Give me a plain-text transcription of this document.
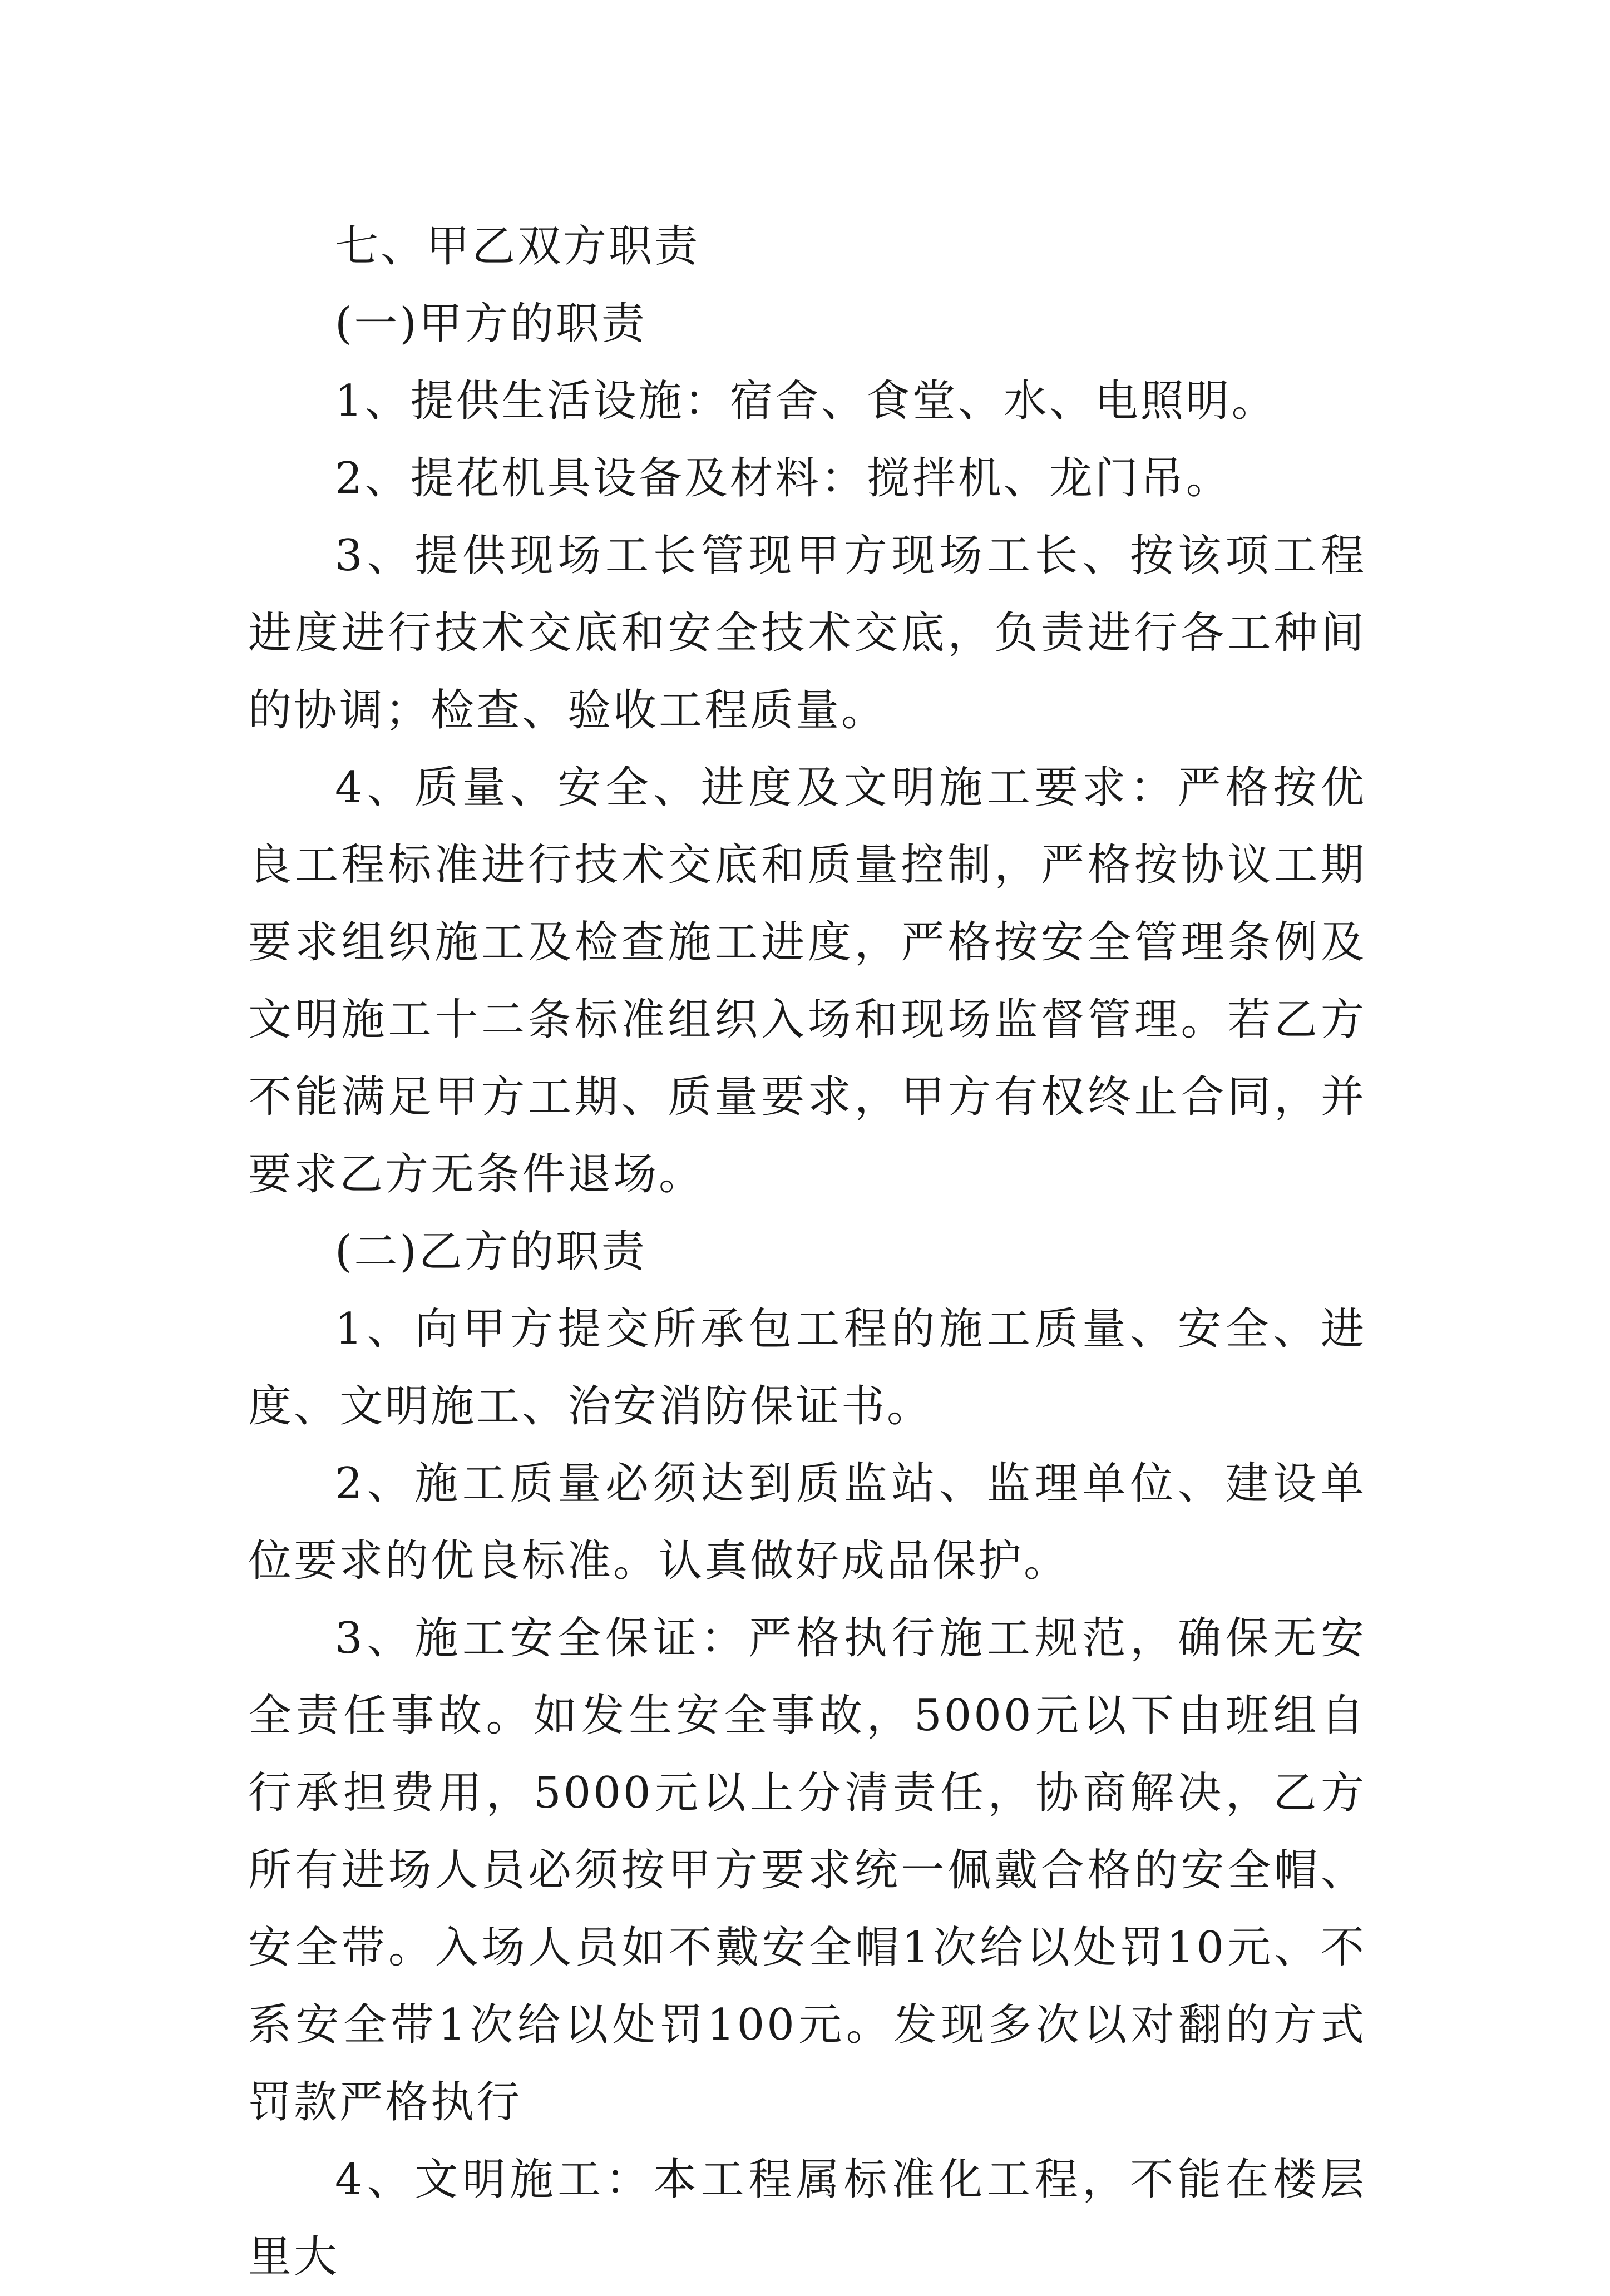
七、甲乙双方职责

(一)甲方的职责

1、提供生活设施：宿舍、食堂、水、电照明。

2、提花机具设备及材料：搅拌机、龙门吊。

3、提供现场工长管现甲方现场工长、按该项工程进度进行技术交底和安全技术交底，负责进行各工种间的协调；检查、验收工程质量。

4、质量、安全、进度及文明施工要求：严格按优良工程标准进行技术交底和质量控制，严格按协议工期要求组织施工及检查施工进度，严格按安全管理条例及文明施工十二条标准组织入场和现场监督管理。若乙方不能满足甲方工期、质量要求，甲方有权终止合同，并要求乙方无条件退场。

(二)乙方的职责

1、向甲方提交所承包工程的施工质量、安全、进度、文明施工、治安消防保证书。

2、施工质量必须达到质监站、监理单位、建设单位要求的优良标准。认真做好成品保护。

3、施工安全保证：严格执行施工规范，确保无安全责任事故。如发生安全事故，5000元以下由班组自行承担费用，5000元以上分清责任，协商解决，乙方所有进场人员必须按甲方要求统一佩戴合格的安全帽、安全带。入场人员如不戴安全帽1次给以处罚10元、不系安全带1次给以处罚100元。发现多次以对翻的方式罚款严格执行

4、文明施工：本工程属标准化工程，不能在楼层里大
